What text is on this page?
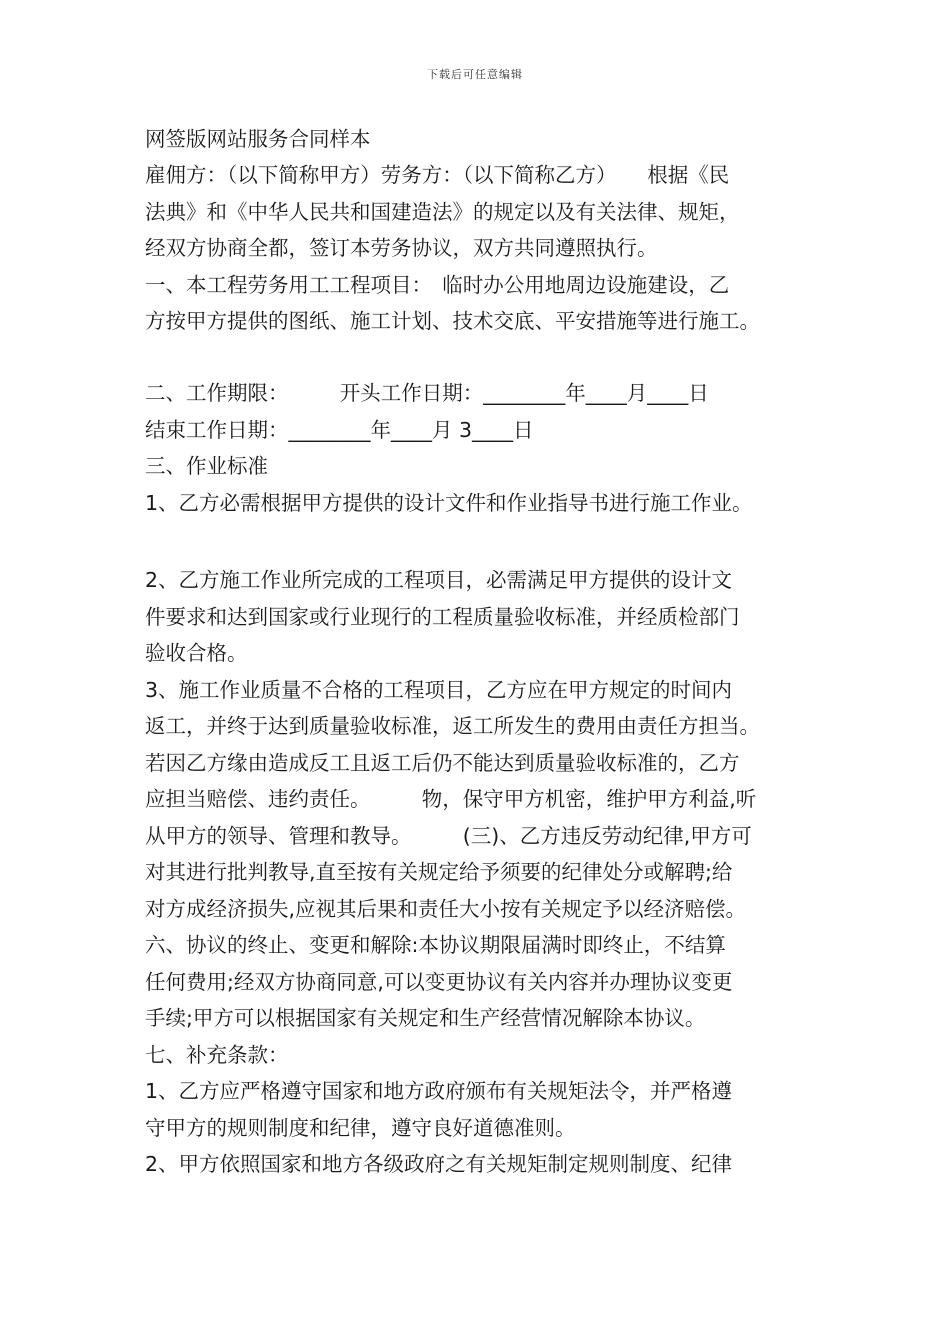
下载后可任意编辑
网签版网站服务合同样本
雇佣方：（以下简称甲方）劳务方：（以下简称乙方）　　根据《民
法典》和《中华人民共和国建造法》的规定以及有关法律、规矩，
经双方协商全都，签订本劳务协议，双方共同遵照执行。
一、本工程劳务用工工程项目：　临时办公用地周边设施建设，乙
方按甲方提供的图纸、施工计划、技术交底、平安措施等进行施工。
二、工作期限：　　　开头工作日期：________年____月____日
结束工作日期：________年____月 3____日
三、作业标准
1、乙方必需根据甲方提供的设计文件和作业指导书进行施工作业。
2、乙方施工作业所完成的工程项目，必需满足甲方提供的设计文
件要求和达到国家或行业现行的工程质量验收标准，并经质检部门
验收合格。
3、施工作业质量不合格的工程项目，乙方应在甲方规定的时间内
返工，并终于达到质量验收标准，返工所发生的费用由责任方担当。
若因乙方缘由造成反工且返工后仍不能达到质量验收标准的，乙方
应担当赔偿、违约责任。　　　物，保守甲方机密，维护甲方利益,听
从甲方的领导、管理和教导。　　　(三)、乙方违反劳动纪律,甲方可
对其进行批判教导,直至按有关规定给予须要的纪律处分或解聘;给
对方成经济损失,应视其后果和责任大小按有关规定予以经济赔偿。
六、协议的终止、变更和解除:本协议期限届满时即终止，不结算
任何费用;经双方协商同意,可以变更协议有关内容并办理协议变更
手续;甲方可以根据国家有关规定和生产经营情况解除本协议。
七、补充条款：
1、乙方应严格遵守国家和地方政府颁布有关规矩法令，并严格遵
守甲方的规则制度和纪律，遵守良好道德准则。
2、甲方依照国家和地方各级政府之有关规矩制定规则制度、纪律
